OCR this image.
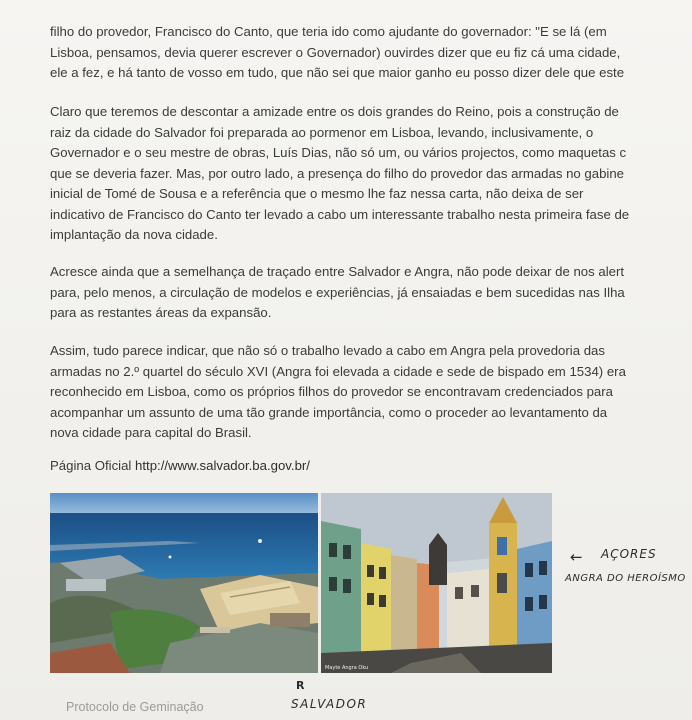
filho do provedor, Francisco do Canto, que teria ido como ajudante do governador: "E se lá (em
Lisboa, pensamos, devia querer escrever o Governador) ouvirdes dizer que eu fiz cá uma cidade,
ele a fez, e há tanto de vosso em tudo, que não sei que maior ganho eu posso dizer dele que este
Claro que teremos de descontar a amizade entre os dois grandes do Reino, pois a construção de
raiz da cidade do Salvador foi preparada ao pormenor em Lisboa, levando, inclusivamente, o
Governador e o seu mestre de obras, Luís Dias, não só um, ou vários projectos, como maquetas c
que se deveria fazer. Mas, por outro lado, a presença do filho do provedor das armadas no gabine
inicial de Tomé de Sousa e a referência que o mesmo lhe faz nessa carta, não deixa de ser
indicativo de Francisco do Canto ter levado a cabo um interessante trabalho nesta primeira fase de
implantação da nova cidade.
Acresce ainda que a semelhança de traçado entre Salvador e Angra, não pode deixar de nos alert
para, pelo menos, a circulação de modelos e experiências, já ensaiadas e bem sucedidas nas Ilha
para as restantes áreas da expansão.
Assim, tudo parece indicar, que não só o trabalho levado a cabo em Angra pela provedoria das
armadas no 2.º quartel do século XVI (Angra foi elevada a cidade e sede de bispado em 1534) era
reconhecido em Lisboa, como os próprios filhos do provedor se encontravam credenciados para
acompanhar um assunto de uma tão grande importância, como o proceder ao levantamento da
nova cidade para capital do Brasil.
Página Oficial http://www.salvador.ba.gov.br/
Mayte Angra Oku
Protocolo de Geminação
← AÇORES
ANGRA DO HEROÍSMO
R
SALVADOR
